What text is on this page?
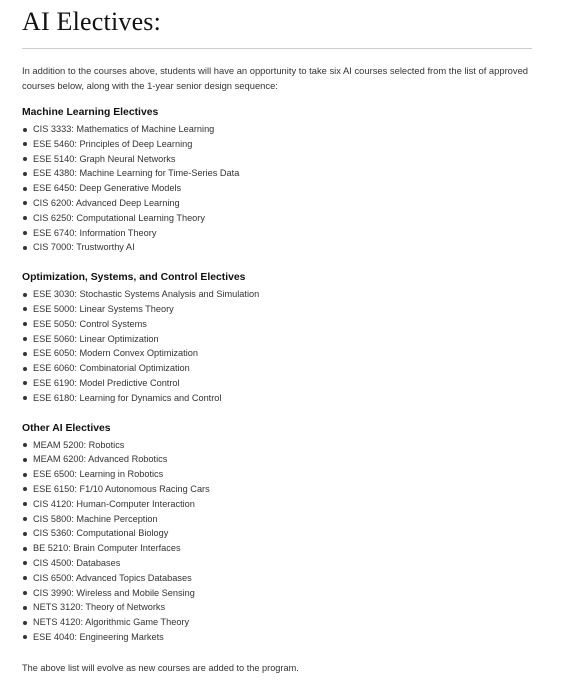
AI Electives:

In addition to the courses above, students will have an opportunity to take six AI courses selected from the list of approved courses below, along with the 1-year senior design sequence:

Machine Learning Electives
CIS 3333: Mathematics of Machine Learning
ESE 5460: Principles of Deep Learning
ESE 5140: Graph Neural Networks
ESE 4380: Machine Learning for Time-Series Data
ESE 6450: Deep Generative Models
CIS 6200: Advanced Deep Learning
CIS 6250: Computational Learning Theory
ESE 6740: Information Theory
CIS 7000: Trustworthy AI
Optimization, Systems, and Control Electives
ESE 3030: Stochastic Systems Analysis and Simulation
ESE 5000: Linear Systems Theory
ESE 5050: Control Systems
ESE 5060: Linear Optimization
ESE 6050: Modern Convex Optimization
ESE 6060: Combinatorial Optimization
ESE 6190: Model Predictive Control
ESE 6180: Learning for Dynamics and Control
Other AI Electives
MEAM 5200: Robotics
MEAM 6200: Advanced Robotics
ESE 6500: Learning in Robotics
ESE 6150: F1/10 Autonomous Racing Cars
CIS 4120: Human-Computer Interaction
CIS 5800: Machine Perception
CIS 5360: Computational Biology
BE 5210: Brain Computer Interfaces
CIS 4500: Databases
CIS 6500: Advanced Topics Databases
CIS 3990: Wireless and Mobile Sensing
NETS 3120: Theory of Networks
NETS 4120: Algorithmic Game Theory
ESE 4040: Engineering Markets

The above list will evolve as new courses are added to the program.
